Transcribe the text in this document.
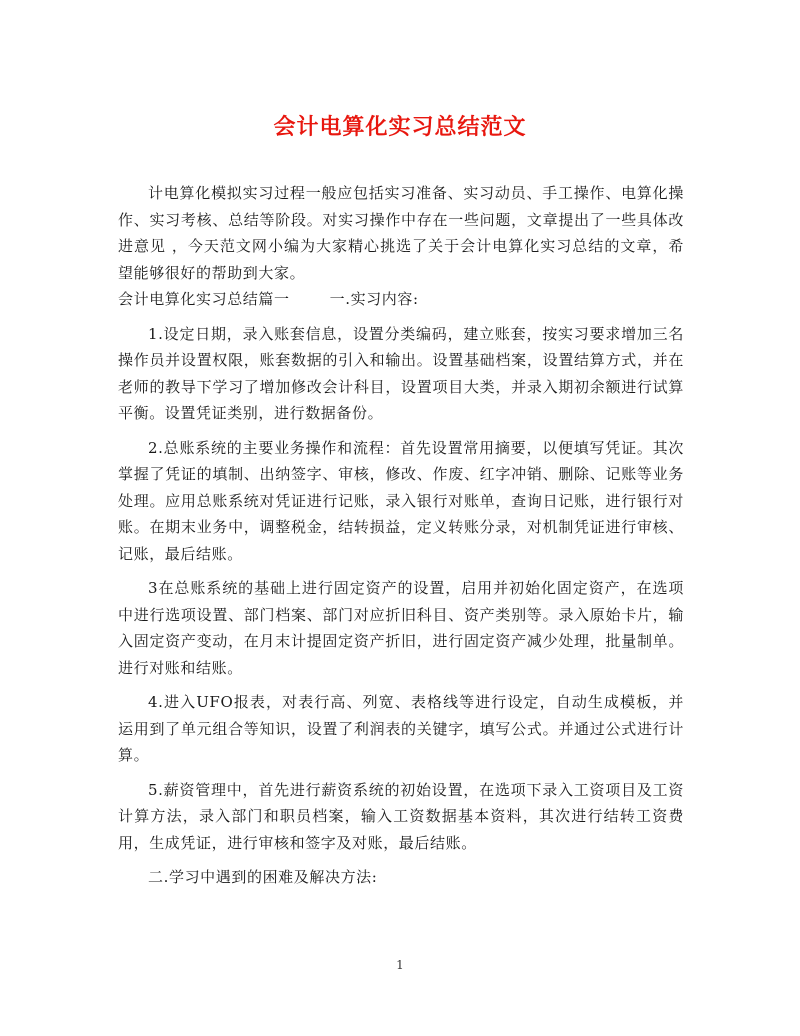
会计电算化实习总结范文

计电算化模拟实习过程一般应包括实习准备、实习动员、手工操作、电算化操作、实习考核、总结等阶段。对实习操作中存在一些问题，文章提出了一些具体改进意见 ，今天范文网小编为大家精心挑选了关于会计电算化实习总结的文章，希望能够很好的帮助到大家。

会计电算化实习总结篇一	一.实习内容:

1.设定日期，录入账套信息，设置分类编码，建立账套，按实习要求增加三名操作员并设置权限，账套数据的引入和输出。设置基础档案，设置结算方式，并在老师的教导下学习了增加修改会计科目，设置项目大类，并录入期初余额进行试算平衡。设置凭证类别，进行数据备份。

2.总账系统的主要业务操作和流程：首先设置常用摘要，以便填写凭证。其次掌握了凭证的填制、出纳签字、审核，修改、作废、红字冲销、删除、记账等业务处理。应用总账系统对凭证进行记账，录入银行对账单，查询日记账，进行银行对账。在期末业务中，调整税金，结转损益，定义转账分录，对机制凭证进行审核、记账，最后结账。

3在总账系统的基础上进行固定资产的设置，启用并初始化固定资产，在选项中进行选项设置、部门档案、部门对应折旧科目、资产类别等。录入原始卡片，输入固定资产变动，在月末计提固定资产折旧，进行固定资产减少处理，批量制单。进行对账和结账。

4.进入UFO报表，对表行高、列宽、表格线等进行设定，自动生成模板，并运用到了单元组合等知识，设置了利润表的关键字，填写公式。并通过公式进行计算。

5.薪资管理中，首先进行薪资系统的初始设置，在选项下录入工资项目及工资计算方法，录入部门和职员档案，输入工资数据基本资料，其次进行结转工资费用，生成凭证，进行审核和签字及对账，最后结账。

二.学习中遇到的困难及解决方法:

1
